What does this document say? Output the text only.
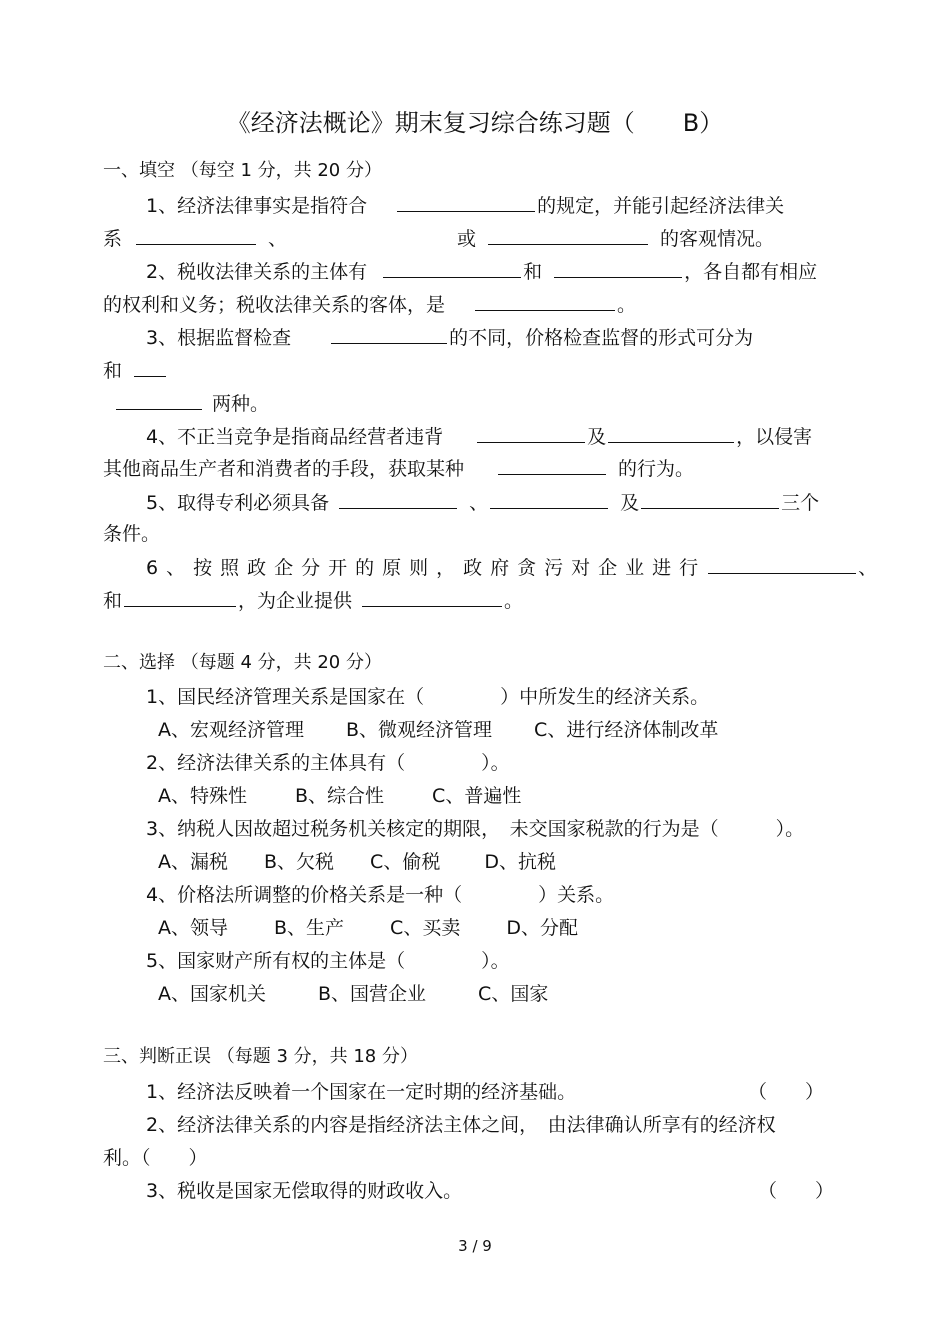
《经济法概论》期末复习综合练习题（　　B）
一、填空 （每空 1 分，共 20 分）
1、经济法律事实是指符合	的规定，并能引起经济法律关
系	、	或	的客观情况。
2、税收法律关系的主体有	和	，各自都有相应
的权利和义务；税收法律关系的客体，是	。
3、根据监督检查	的不同，价格检查监督的形式可分为
和
两种。
4、不正当竞争是指商品经营者违背	及	，以侵害
其他商品生产者和消费者的手段，获取某种	的行为。
5、取得专利必须具备	、	及	三个
条件。
6、按照政企分开的原则，政府贪污对企业进行	、
和	，为企业提供	。
二、选择 （每题 4 分，共 20 分）
1、国民经济管理关系是国家在（　　　　）中所发生的经济关系。
A、宏观经济管理 B、微观经济管理 C、进行经济体制改革
2、经济法律关系的主体具有（　　　　）。
A、特殊性	B、综合性	C、普遍性
3、纳税人因故超过税务机关核定的期限，　未交国家税款的行为是（　　　）。
A、漏税 B、欠税 C、偷税 D、抗税
4、价格法所调整的价格关系是一种（　　　　）关系。
A、领导 B、生产 C、买卖 D、分配
5、国家财产所有权的主体是（　　　　）。
A、国家机关	B、国营企业	C、国家
三、判断正误 （每题 3 分，共 18 分）
1、经济法反映着一个国家在一定时期的经济基础。	（　　）
2、经济法律关系的内容是指经济法主体之间，　由法律确认所享有的经济权
利。（　　）
3、税收是国家无偿取得的财政收入。	（　　）
3 / 9
